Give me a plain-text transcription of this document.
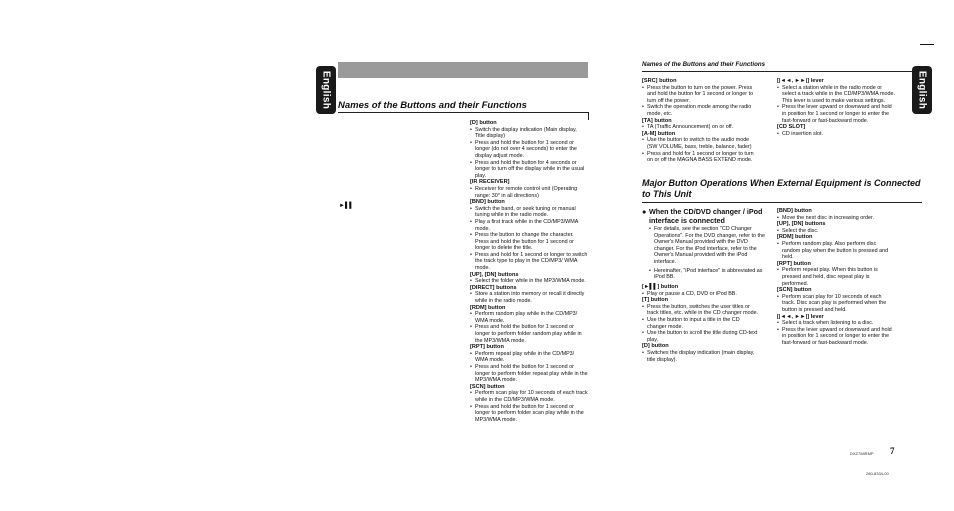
English Names of the Buttons and their Functions
►▌▌
[D] button
• Switch the display indication (Main display, Title display)
• Press and hold the button for 1 second or longer (do not over 4 seconds) to enter the display adjust mode.
• Press and hold the button for 4 seconds or longer to turn off the display while in the usual play.
[IR RECEIVER]
• Receiver for remote control unit (Operating range: 30° in all directions)
[BND] button
• Switch the band, or seek tuning or manual tuning while in the radio mode.
• Play a first track while in the CD/MP3/WMA mode.
• Press the button to change the character. Press and hold the button for 1 second or longer to delete the title.
• Press and hold for 1 second or longer to switch the track type to play in the CD/MP3/ WMA mode.
[UP], [DN] buttons
• Select the folder while in the MP3/WMA mode.
[DIRECT] buttons
• Store a station into memory or recall it directly while in the radio mode.
[RDM] button
• Perform random play while in the CD/MP3/ WMA mode.
• Press and hold the button for 1 second or longer to perform folder random play while in the MP3/WMA mode.
[RPT] button
• Perform repeat play while in the CD/MP3/ WMA mode.
• Press and hold the button for 1 second or longer to perform folder repeat play while in the MP3/WMA mode.
[SCN] button
• Perform scan play for 10 seconds of each track while in the CD/MP3/WMA mode.
• Press and hold the button for 1 second or longer to perform folder scan play while in the MP3/WMA mode.
Names of the Buttons and their Functions
English
[SRC] button
• Press the button to turn on the power. Press and hold the button for 1 second or longer to turn off the power.
• Switch the operation mode among the radio mode, etc.
[TA] button
• TA (Traffic Announcement) on or off.
[A-M] button
• Use the button to switch to the audio mode (SW VOLUME, bass, treble, balance, fader)
• Press and hold for 1 second or longer to turn on or off the MAGNA BASS EXTEND mode.
[|◄◄, ►►|] lever
• Select a station while in the radio mode or select a track while in the CD/MP3/WMA mode. This lever is used to make various settings.
• Press the lever upward or downward and hold in position for 1 second or longer to enter the fast-forward or fast-backward mode.
[CD SLOT]
• CD insertion slot.
Major Button Operations When External Equipment is Connected to This Unit
● When the CD/DVD changer / iPod interface is connected
• For details, see the section "CD Changer Operations". For the DVD changer, refer to the Owner's Manual provided with the DVD changer. For the iPod interface, refer to the Owner's Manual provided with the iPod interface.
• Hereinafter, "iPod interface" is abbreviated as iPod BB.
[►▌▌] button
• Play or pause a CD, DVD or iPod BB.
[T] button
• Press the button, switches the user titles or track titles, etc. while in the CD changer mode.
• Use the button to input a title in the CD changer mode.
• Use the button to scroll the title during CD-text play.
[D] button
• Switches the display indication (main display, title display).
[BND] button
• Move the next disc in increasing order.
[UP], [DN] buttons
• Select the disc.
[RDM] button
• Perform random play. Also perform disc random play when the button is pressed and held.
[RPT] button
• Perform repeat play. When this button is pressed and held, disc repeat play is performed.
[SCN] button
• Perform scan play for 10 seconds of each track. Disc scan play is performed when the button is pressed and held.
[|◄◄, ►►|] lever
• Select a track when listening to a disc.
• Press the lever upward or downward and hold in position for 1 second or longer to enter the fast-forward or fast-backward mode.
DXZ758RMP 7
280-8334-00
